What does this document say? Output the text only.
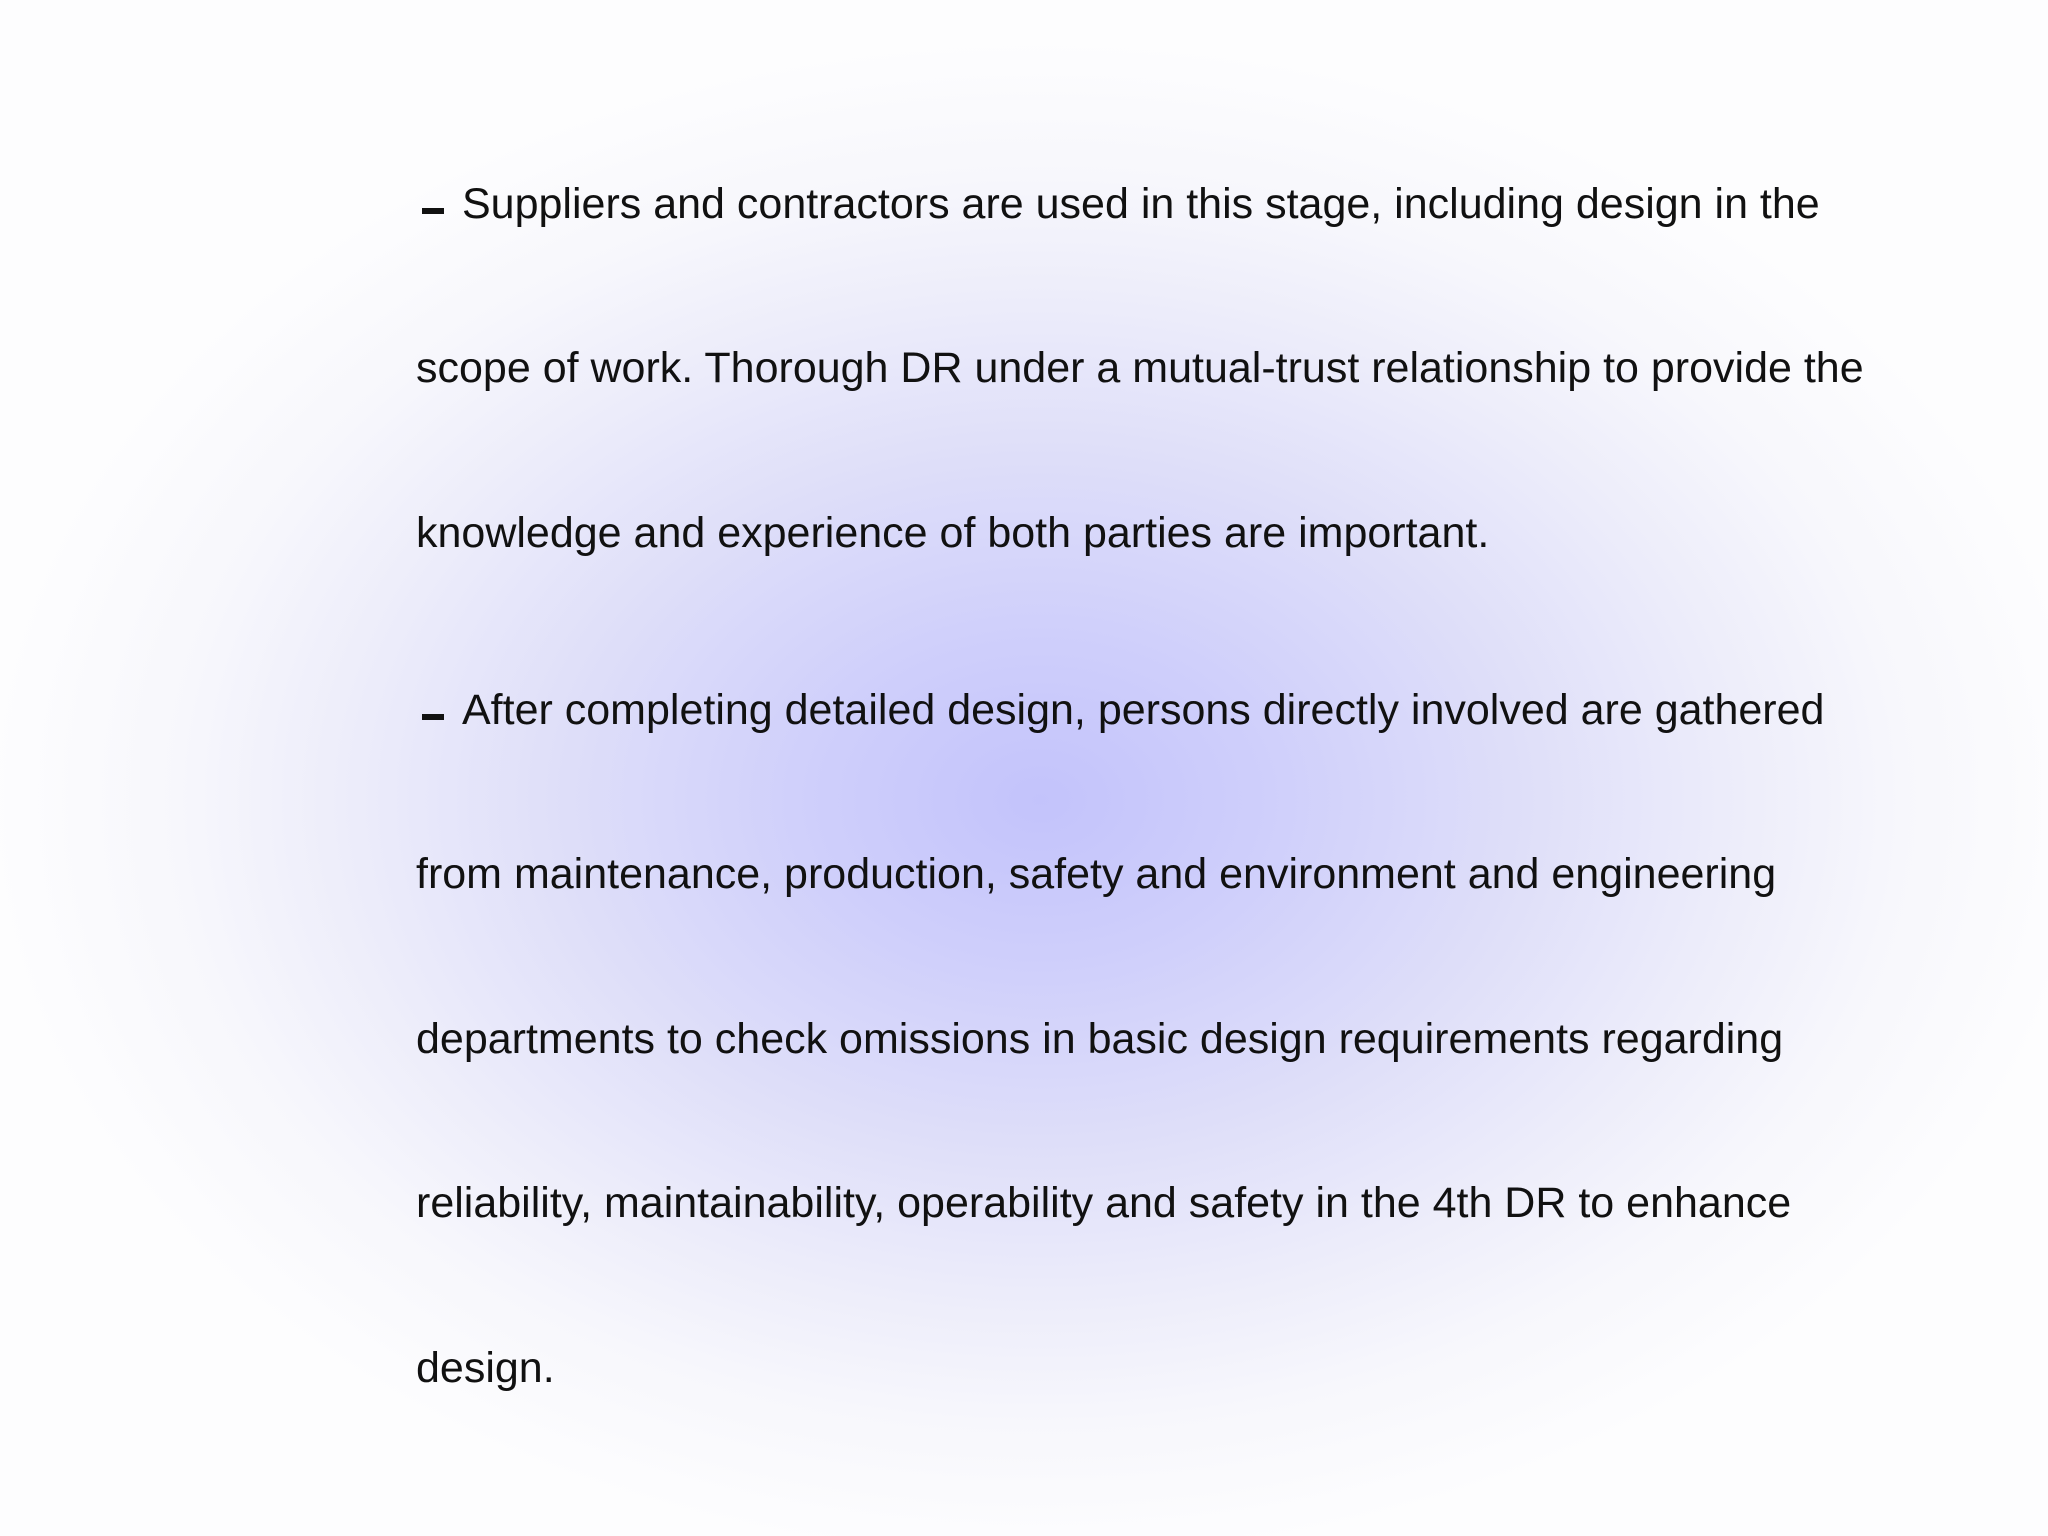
Suppliers and contractors are used in this stage, including design in the
scope of work. Thorough DR under a mutual-trust relationship to provide the
knowledge and experience of both parties are important.
After completing detailed design, persons directly involved are gathered
from maintenance, production, safety and environment and engineering
departments to check omissions in basic design requirements regarding
reliability, maintainability, operability and safety in the 4th DR to enhance
design.
